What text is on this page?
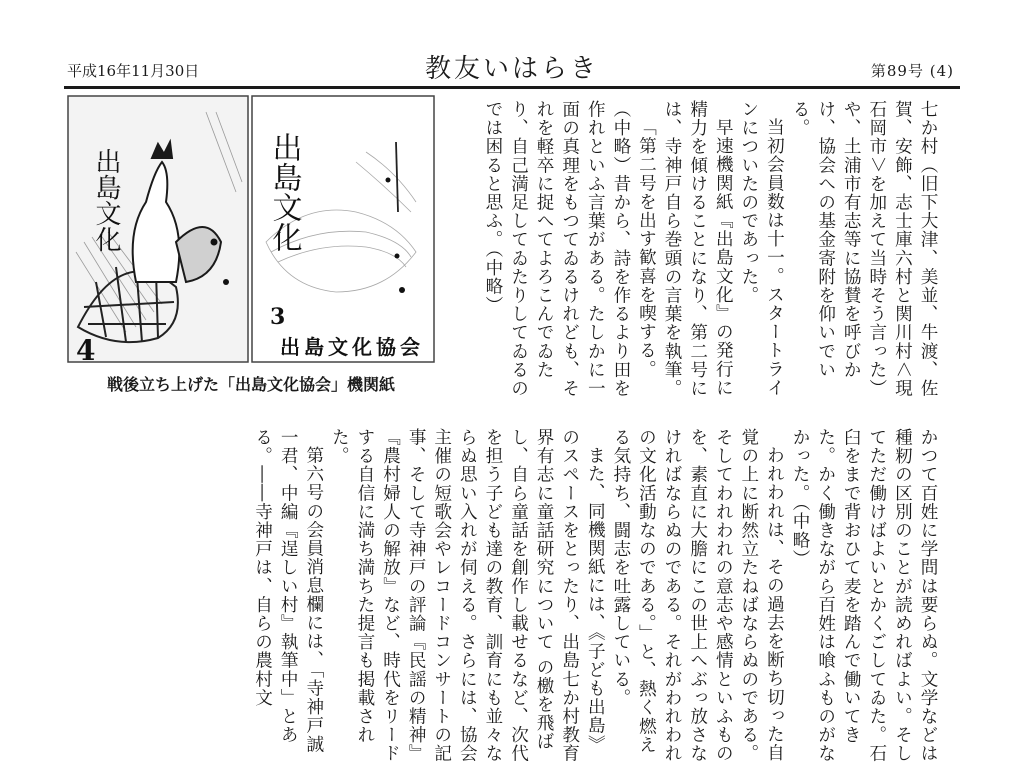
平成16年11月30日	教友いはらき	第89号 (4)

七か村（旧下大津、美並、牛渡、佐賀、安飾、志士庫六村と関川村＜現石岡市＞を加えて当時そう言った）や、土浦市有志等に協賛を呼びかけ、協会への基金寄附を仰いでいる。

当初会員数は十一。スタートラインについたのであった。

早速機関紙『出島文化』の発行に精力を傾けることになり、第二号には、寺神戸自ら巻頭の言葉を執筆。

「第二号を出す歓喜を喫する。（中略）昔から、詩を作るより田を作れといふ言葉がある。たしかに一面の真理をもつてゐるけれども、それを軽卒に捉へてよろこんでゐたり、自己満足してゐたりしてゐるのでは困ると思ふ。（中略）

かつて百姓に学問は要らぬ。文学などは種籾の区別のことが読めればよい。そしてただ働けばよいとかくごしてゐた。石臼をまで背おひて麦を踏んで働いてきた。かく働きながら百姓は喰ふものがなかった。（中略）

われわれは、その過去を断ち切った自覚の上に断然立たねばならぬのである。そしてわれわれの意志や感情といふものを、素直に大膽にこの世上へぶっ放さなければならぬのである。それがわれわれの文化活動なのである。」と、熱く燃える気持ち、闘志を吐露している。

また、同機関紙には、《子ども出島》のスペースをとったり、出島七か村教育界有志に童話研究について の檄を飛ばし、自ら童話を創作し載せるなど、次代を担う子ども達の教育、訓育にも並々ならぬ思い入れが伺える。さらには、協会主催の短歌会やレコードコンサートの記事、そして寺神戸の評論『民謡の精神』『農村婦人の解放』など、時代をリードする自信に満ち満ちた提言も掲載された。

第六号の会員消息欄には、「寺神戸誠一君、中編『逞しい村』執筆中」とある。――寺神戸は、自らの農村文

出島文化
4
出島文化
3
出島文化協会
戦後立ち上げた「出島文化協会」機関紙
